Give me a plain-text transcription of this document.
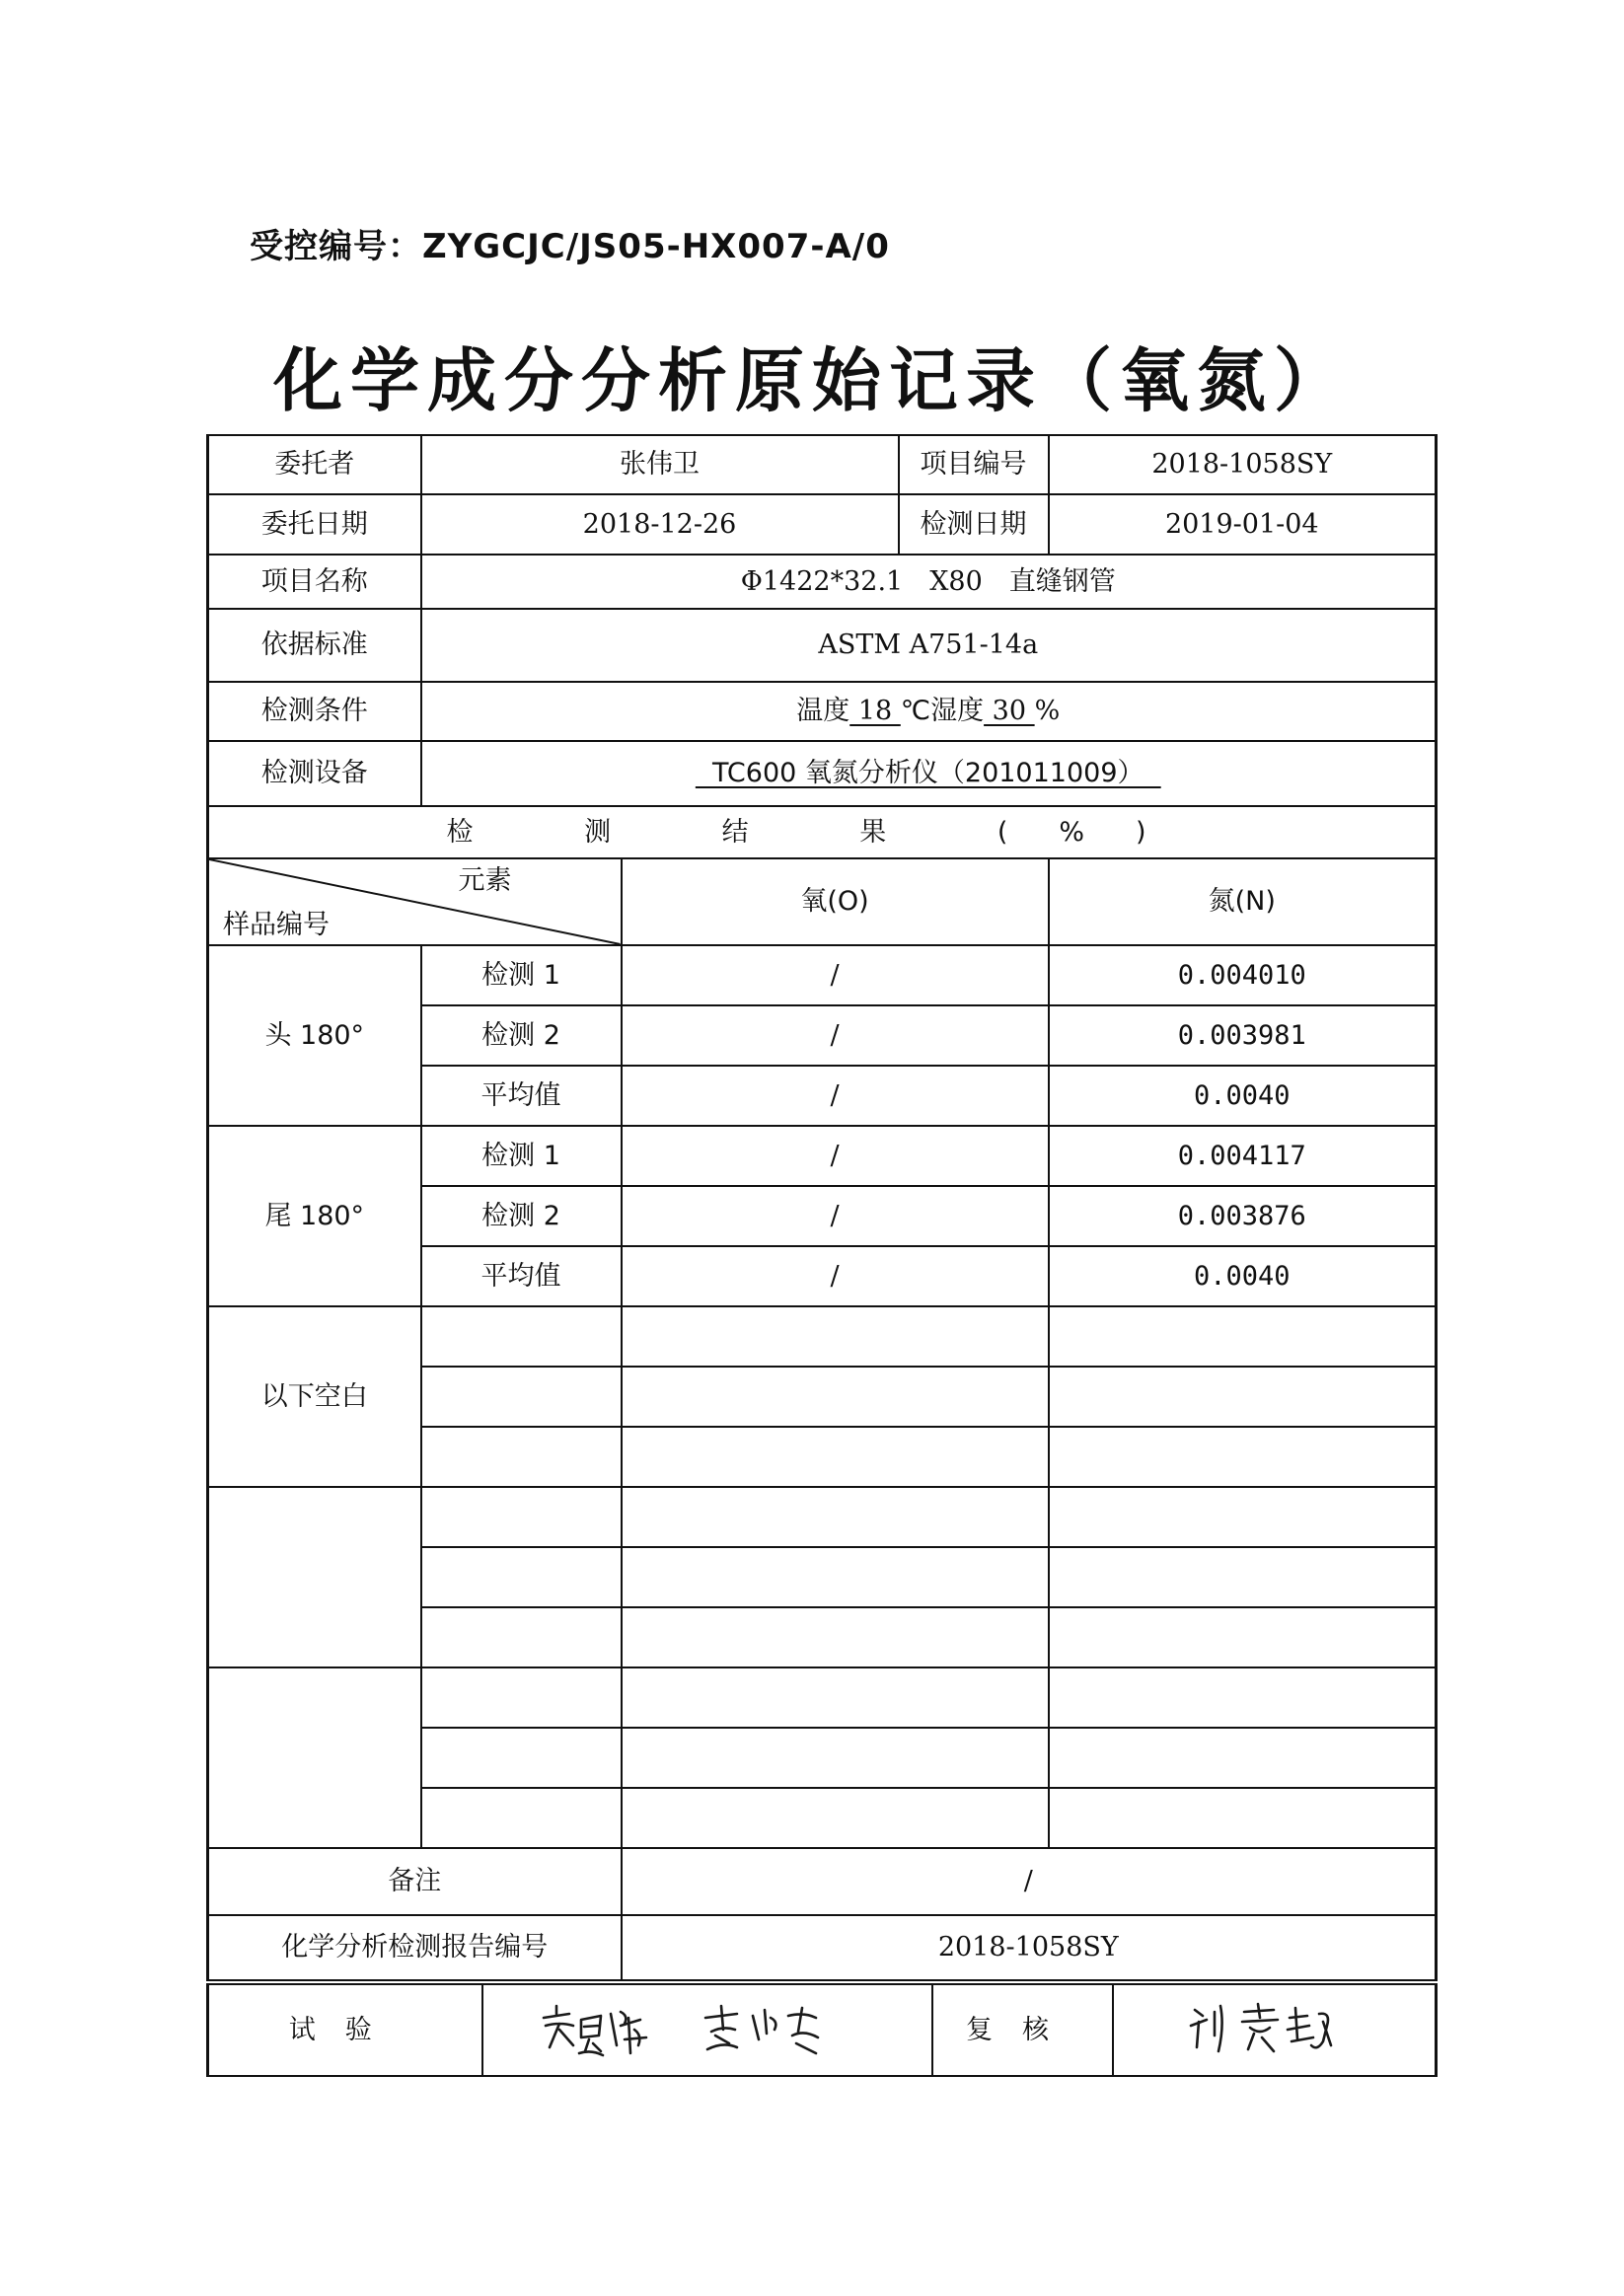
受控编号：ZYGCJC/JS05-HX007-A/0
化学成分分析原始记录（氧氮）
委托者	张伟卫		项目编号	2018-1058SY
委托日期	2018-12-26		检测日期	2019-01-04
项目名称	Φ1422*32.1　X80　直缝钢管			
依据标准	ASTM A751-14a			
检测条件	温度 18 ℃湿度 30 %			
检测设备	TC600 氧氮分析仪（201011009）			
检 测 结 果 (%)				

元素
样品编号		氧(O)		氮(N)
头 180°	检测 1	/		0.004010
	检测 2	/		0.003981
	平均值	/		0.0040
尾 180°	检测 1	/		0.004117
	检测 2	/		0.003876
	平均值	/		0.0040
以下空白				

备注		/		
化学分析检测报告编号		2018-1058SY		
试验		复核	
